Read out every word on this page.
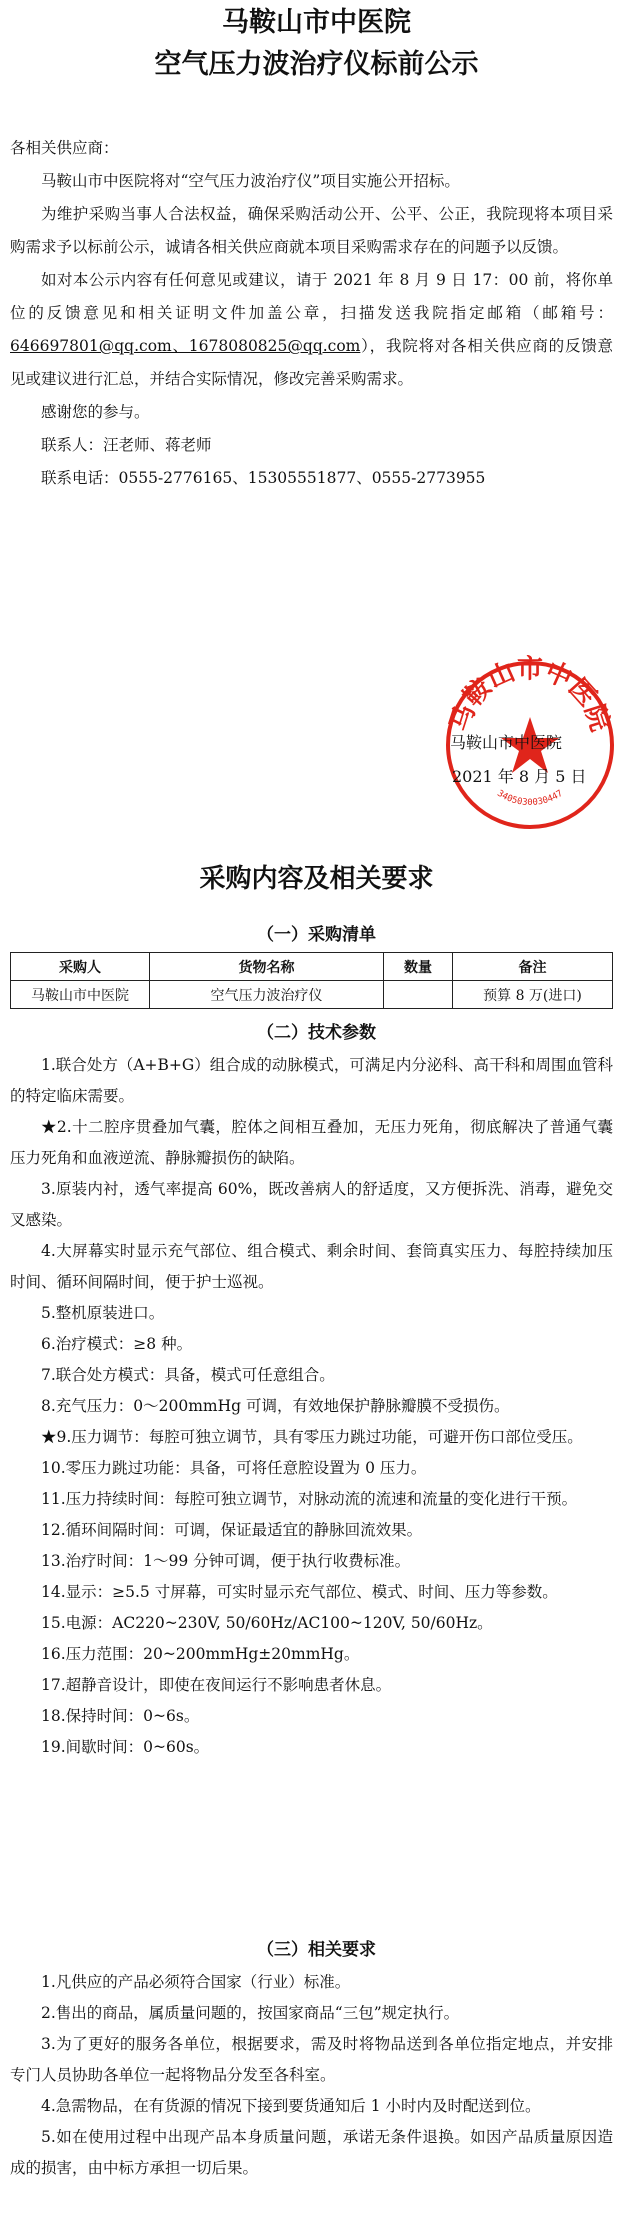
马鞍山市中医院
空气压力波治疗仪标前公示

各相关供应商：

马鞍山市中医院将对“空气压力波治疗仪”项目实施公开招标。

为维护采购当事人合法权益，确保采购活动公开、公平、公正，我院现将本项目采购需求予以标前公示，诚请各相关供应商就本项目采购需求存在的问题予以反馈。

如对本公示内容有任何意见或建议，请于 2021 年 8 月 9 日 17：00 前，将你单位的反馈意见和相关证明文件加盖公章，扫描发送我院指定邮箱（邮箱号：646697801@qq.com、1678080825@qq.com），我院将对各相关供应商的反馈意见或建议进行汇总，并结合实际情况，修改完善采购需求。

感谢您的参与。

联系人：汪老师、蒋老师

联系电话：0555-2776165、15305551877、0555-2773955

马鞍山市中医院
3405030030447
马鞍山市中医院
2021 年 8 月 5 日
采购内容及相关要求
（一）采购清单
采购人	货物名称	数量	备注
马鞍山市中医院	空气压力波治疗仪		预算 8 万(进口)
（二）技术参数

1.联合处方（A+B+G）组合成的动脉模式，可满足内分泌科、高干科和周围血管科的特定临床需要。

★2.十二腔序贯叠加气囊，腔体之间相互叠加，无压力死角，彻底解决了普通气囊压力死角和血液逆流、静脉瓣损伤的缺陷。

3.原装内衬，透气率提高 60%，既改善病人的舒适度，又方便拆洗、消毒，避免交叉感染。

4.大屏幕实时显示充气部位、组合模式、剩余时间、套筒真实压力、每腔持续加压时间、循环间隔时间，便于护士巡视。

5.整机原装进口。

6.治疗模式：≥8 种。

7.联合处方模式：具备，模式可任意组合。

8.充气压力：0～200mmHg 可调，有效地保护静脉瓣膜不受损伤。

★9.压力调节：每腔可独立调节，具有零压力跳过功能，可避开伤口部位受压。

10.零压力跳过功能：具备，可将任意腔设置为 0 压力。

11.压力持续时间：每腔可独立调节，对脉动流的流速和流量的变化进行干预。

12.循环间隔时间：可调，保证最适宜的静脉回流效果。

13.治疗时间：1～99 分钟可调，便于执行收费标准。

14.显示：≥5.5 寸屏幕，可实时显示充气部位、模式、时间、压力等参数。

15.电源：AC220~230V, 50/60Hz/AC100~120V, 50/60Hz。

16.压力范围：20~200mmHg±20mmHg。

17.超静音设计，即使在夜间运行不影响患者休息。

18.保持时间：0~6s。

19.间歇时间：0~60s。

（三）相关要求

1.凡供应的产品必须符合国家（行业）标准。

2.售出的商品，属质量问题的，按国家商品“三包”规定执行。

3.为了更好的服务各单位，根据要求，需及时将物品送到各单位指定地点，并安排专门人员协助各单位一起将物品分发至各科室。

4.急需物品，在有货源的情况下接到要货通知后 1 小时内及时配送到位。

5.如在使用过程中出现产品本身质量问题，承诺无条件退换。如因产品质量原因造成的损害，由中标方承担一切后果。
